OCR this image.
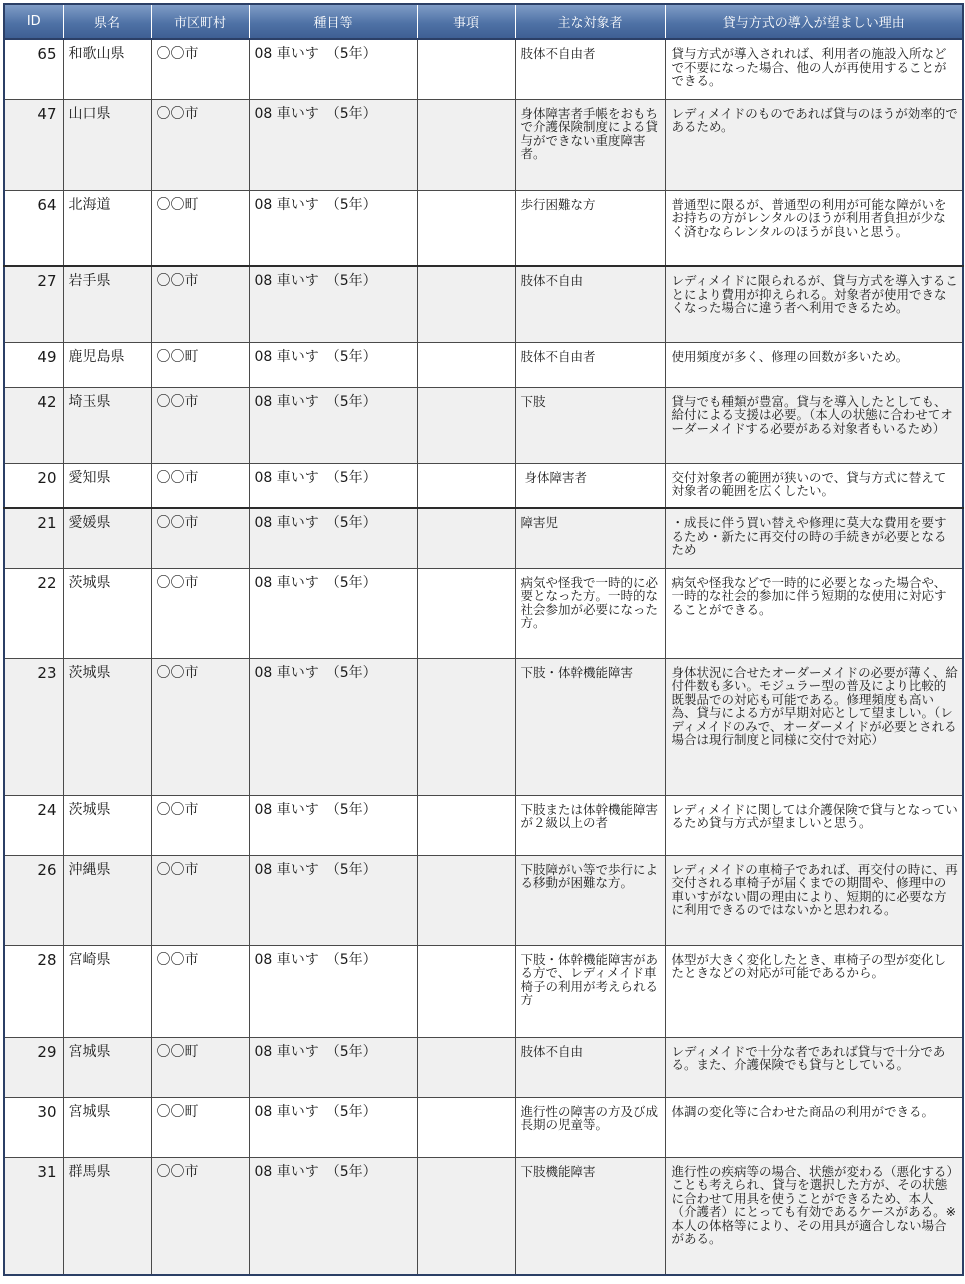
ID	県名	市区町村	種目等	事項	主な対象者	貸与方式の導入が望ましい理由
65	和歌山県	〇〇市	08 車いす　（5年）		肢体不自由者	貸与方式が導入されれば、利用者の施設入所などで不要になった場合、他の人が再使用することができる。
47	山口県	〇〇市	08 車いす　（5年）		身体障害者手帳をおもちで介護保険制度による貸与ができない重度障害者。	レディメイドのものであれば貸与のほうが効率的であるため。
64	北海道	〇〇町	08 車いす　（5年）		歩行困難な方	普通型に限るが、普通型の利用が可能な障がいをお持ちの方がレンタルのほうが利用者負担が少なく済むならレンタルのほうが良いと思う。
27	岩手県	〇〇市	08 車いす　（5年）		肢体不自由	レディメイドに限られるが、貸与方式を導入することにより費用が抑えられる。対象者が使用できなくなった場合に違う者へ利用できるため。
49	鹿児島県	〇〇町	08 車いす　（5年）		肢体不自由者	使用頻度が多く、修理の回数が多いため。
42	埼玉県	〇〇市	08 車いす　（5年）		下肢	貸与でも種類が豊富。貸与を導入したとしても、給付による支援は必要。（本人の状態に合わせてオーダーメイドする必要がある対象者もいるため）
20	愛知県	〇〇市	08 車いす　（5年）		身体障害者	交付対象者の範囲が狭いので、貸与方式に替えて対象者の範囲を広くしたい。
21	愛媛県	〇〇市	08 車いす　（5年）		障害児	・成長に伴う買い替えや修理に莫大な費用を要するため・新たに再交付の時の手続きが必要となるため
22	茨城県	〇〇市	08 車いす　（5年）		病気や怪我で一時的に必要となった方。一時的な社会参加が必要になった方。	病気や怪我などで一時的に必要となった場合や、一時的な社会的参加に伴う短期的な使用に対応することができる。
23	茨城県	〇〇市	08 車いす　（5年）		下肢・体幹機能障害	身体状況に合せたオーダーメイドの必要が薄く、給付件数も多い。モジュラー型の普及により比較的既製品での対応も可能である。修理頻度も高い為、貸与による方が早期対応として望ましい。（レディメイドのみで、オーダーメイドが必要とされる場合は現行制度と同様に交付で対応）
24	茨城県	〇〇市	08 車いす　（5年）		下肢または体幹機能障害が２級以上の者	レディメイドに関しては介護保険で貸与となっているため貸与方式が望ましいと思う。
26	沖縄県	〇〇市	08 車いす　（5年）		下肢障がい等で歩行による移動が困難な方。	レディメイドの車椅子であれば、再交付の時に、再交付される車椅子が届くまでの期間や、修理中の車いすがない間の理由により、短期的に必要な方に利用できるのではないかと思われる。
28	宮崎県	〇〇市	08 車いす　（5年）		下肢・体幹機能障害がある方で、レディメイド車椅子の利用が考えられる方	体型が大きく変化したとき、車椅子の型が変化したときなどの対応が可能であるから。
29	宮城県	〇〇町	08 車いす　（5年）		肢体不自由	レディメイドで十分な者であれば貸与で十分である。また、介護保険でも貸与としている。
30	宮城県	〇〇町	08 車いす　（5年）		進行性の障害の方及び成長期の児童等。	体調の変化等に合わせた商品の利用ができる。
31	群馬県	〇〇市	08 車いす　（5年）		下肢機能障害	進行性の疾病等の場合、状態が変わる（悪化する）ことも考えられ、貸与を選択した方が、その状態に合わせて用具を使うことができるため、本人（介護者）にとっても有効であるケースがある。※本人の体格等により、その用具が適合しない場合がある。
